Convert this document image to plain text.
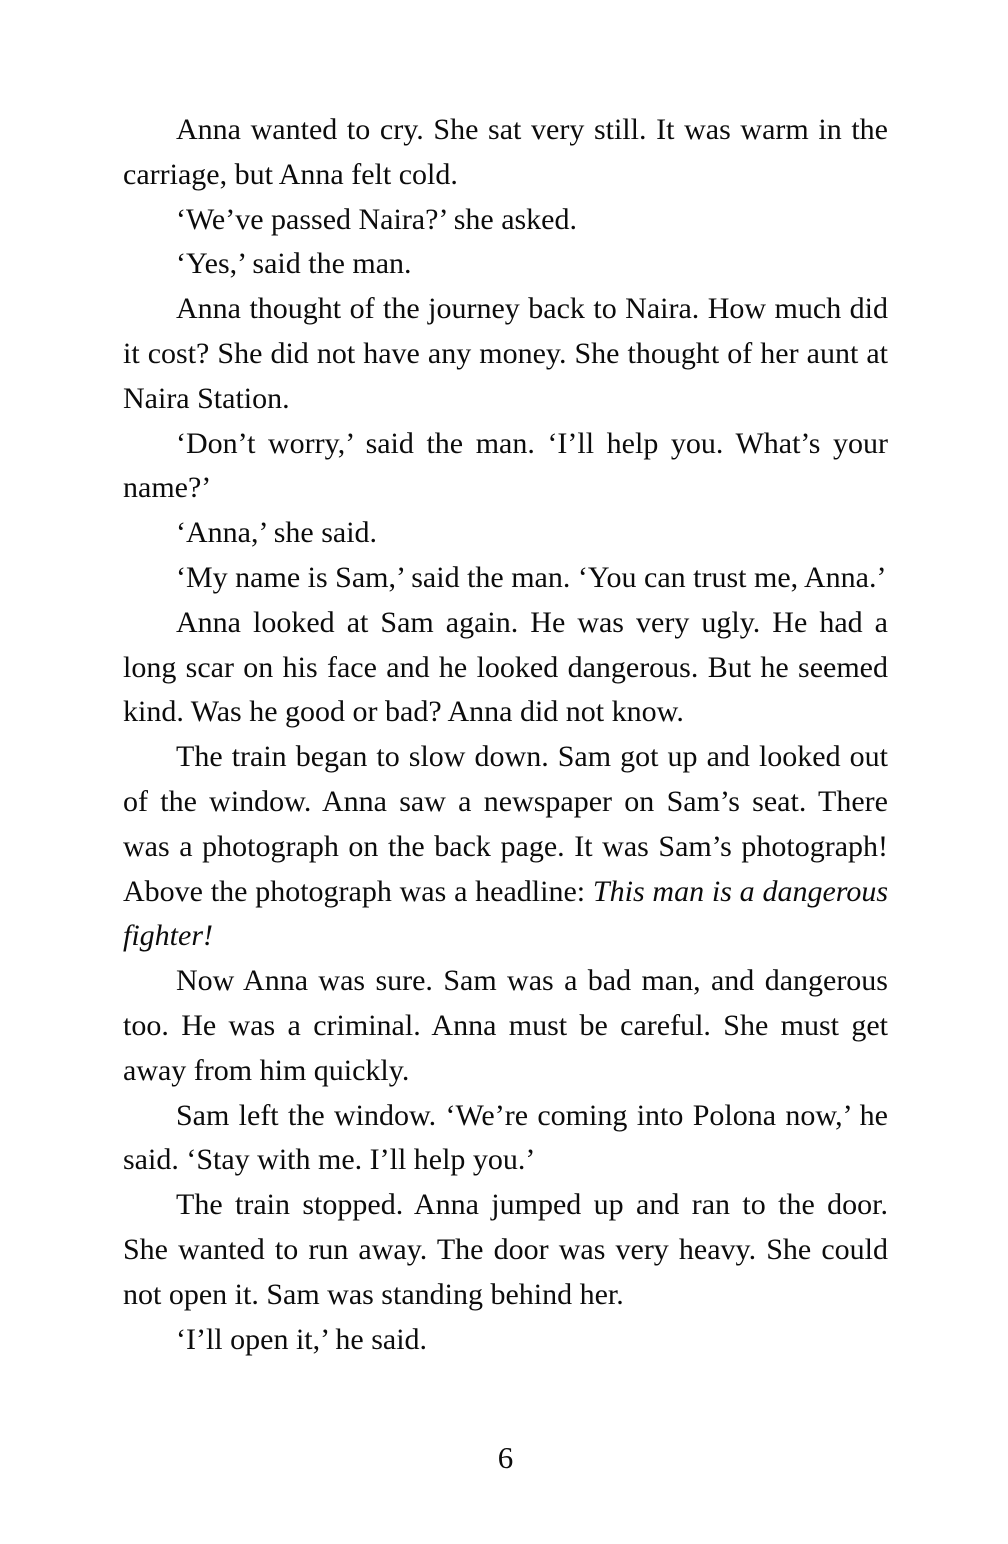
Anna wanted to cry. She sat very still. It was warm in the carriage, but Anna felt cold.

‘We’ve passed Naira?’ she asked.

‘Yes,’ said the man.

Anna thought of the journey back to Naira. How much did it cost? She did not have any money. She thought of her aunt at Naira Station.

‘Don’t worry,’ said the man. ‘I’ll help you. What’s your name?’

‘Anna,’ she said.

‘My name is Sam,’ said the man. ‘You can trust me, Anna.’

Anna looked at Sam again. He was very ugly. He had a long scar on his face and he looked dangerous. But he seemed kind. Was he good or bad? Anna did not know.

The train began to slow down. Sam got up and looked out of the window. Anna saw a newspaper on Sam’s seat. There was a photograph on the back page. It was Sam’s photograph! Above the photograph was a headline: This man is a dangerous fighter!

Now Anna was sure. Sam was a bad man, and dangerous too. He was a criminal. Anna must be careful. She must get away from him quickly.

Sam left the window. ‘We’re coming into Polona now,’ he said. ‘Stay with me. I’ll help you.’

The train stopped. Anna jumped up and ran to the door. She wanted to run away. The door was very heavy. She could not open it. Sam was standing behind her.

‘I’ll open it,’ he said.

6
